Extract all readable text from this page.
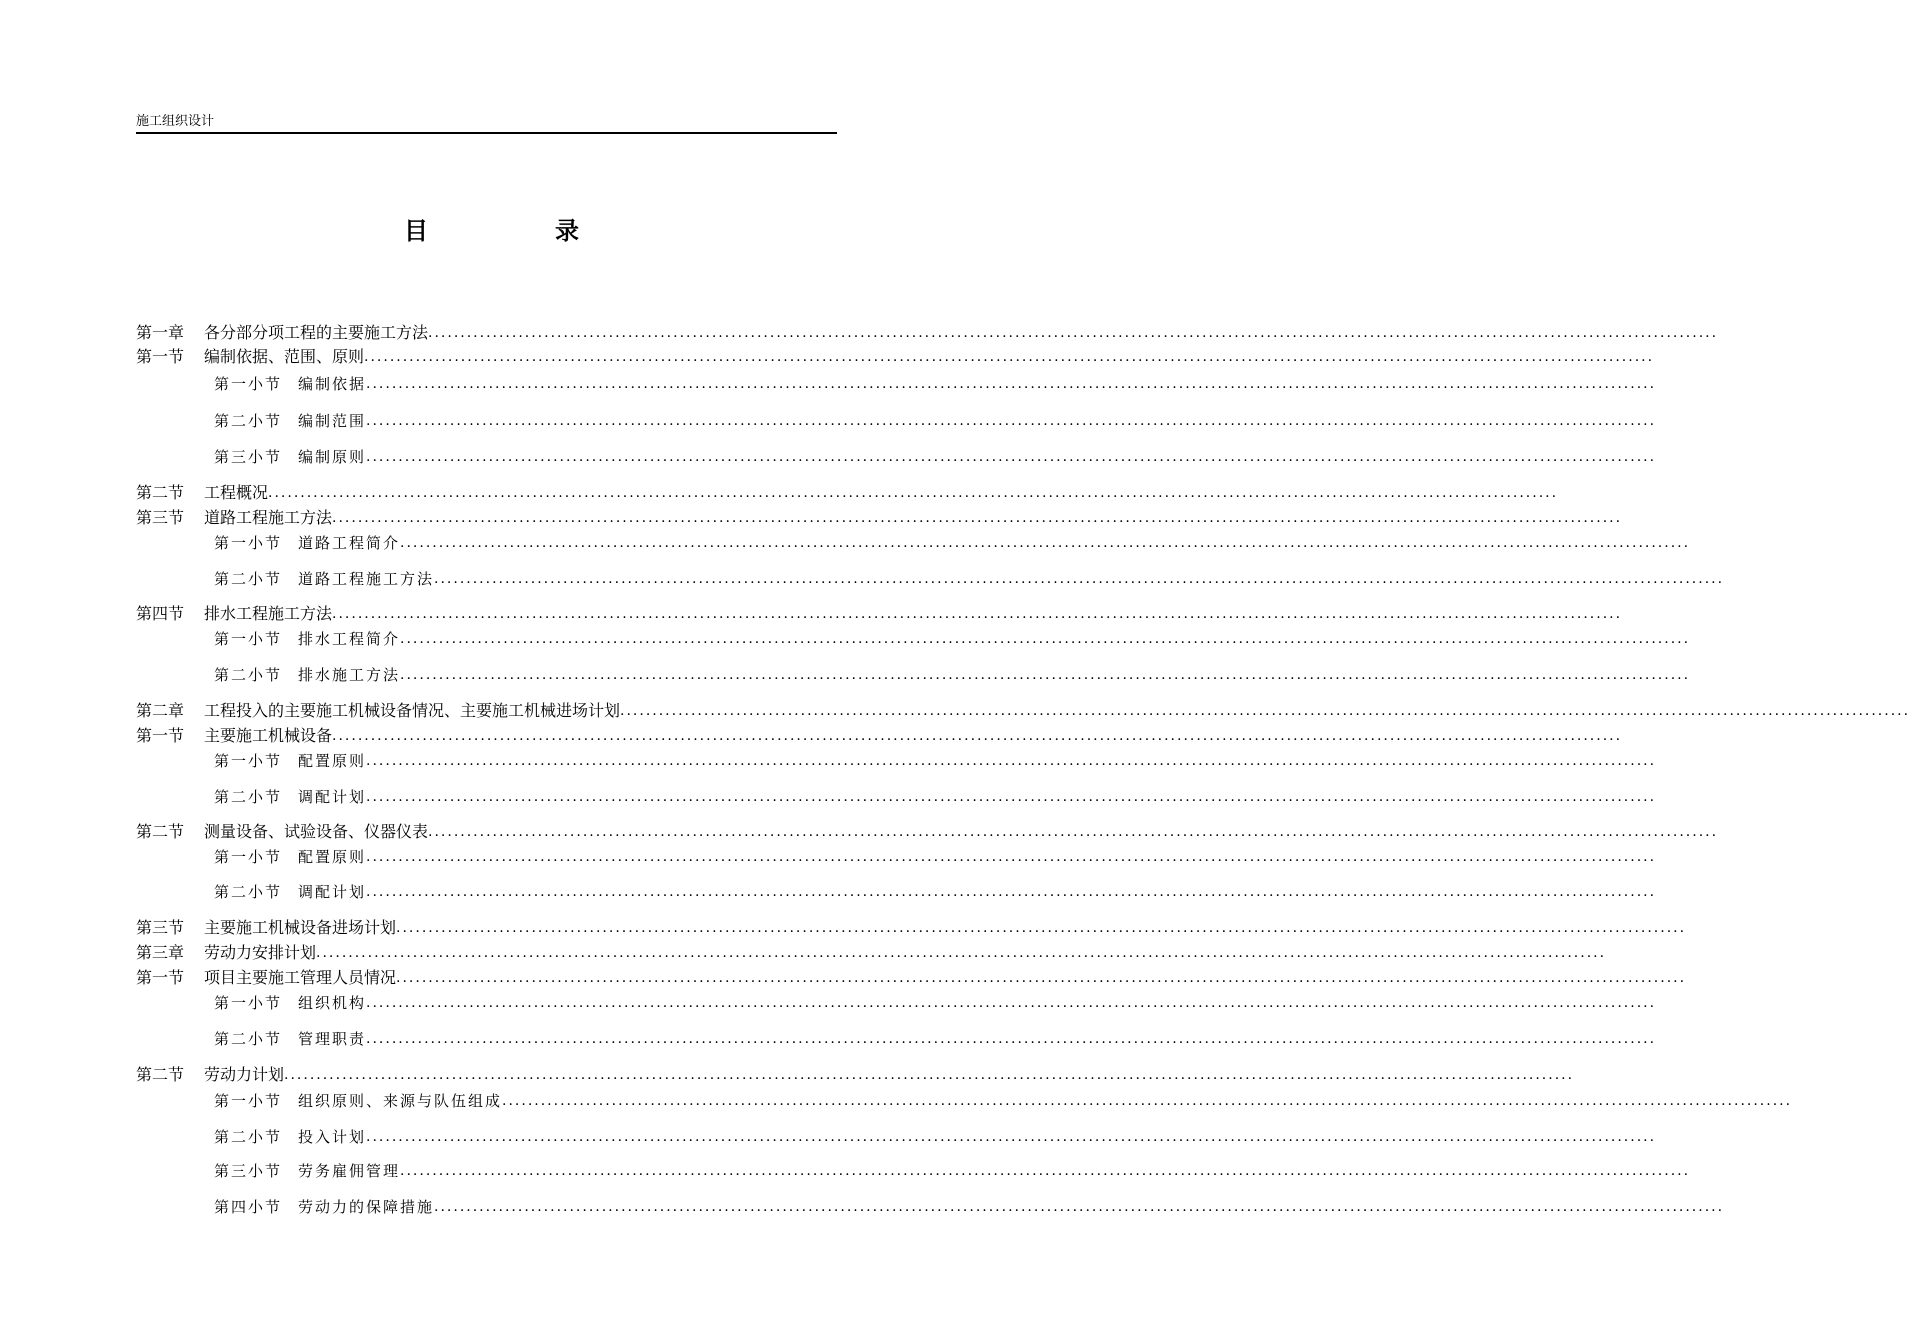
施工组织设计
目	录
第一章 各分部分项工程的主要施工方法 ........................................................................................................................................................................................................
第一节 编制依据、范围、原则 ........................................................................................................................................................................................................
第一小节 编制依据 ........................................................................................................................................................................................................
第二小节 编制范围 ........................................................................................................................................................................................................
第三小节 编制原则 ........................................................................................................................................................................................................
第二节 工程概况 ........................................................................................................................................................................................................
第三节 道路工程施工方法 ........................................................................................................................................................................................................
第一小节 道路工程简介 ........................................................................................................................................................................................................
第二小节 道路工程施工方法 ........................................................................................................................................................................................................
第四节 排水工程施工方法 ........................................................................................................................................................................................................
第一小节 排水工程简介 ........................................................................................................................................................................................................
第二小节 排水施工方法 ........................................................................................................................................................................................................
第二章 工程投入的主要施工机械设备情况、主要施工机械进场计划 ........................................................................................................................................................................................................
第一节 主要施工机械设备 ........................................................................................................................................................................................................
第一小节 配置原则 ........................................................................................................................................................................................................
第二小节 调配计划 ........................................................................................................................................................................................................
第二节 测量设备、试验设备、仪器仪表 ........................................................................................................................................................................................................
第一小节 配置原则 ........................................................................................................................................................................................................
第二小节 调配计划 ........................................................................................................................................................................................................
第三节 主要施工机械设备进场计划 ........................................................................................................................................................................................................
第三章 劳动力安排计划 ........................................................................................................................................................................................................
第一节 项目主要施工管理人员情况 ........................................................................................................................................................................................................
第一小节 组织机构 ........................................................................................................................................................................................................
第二小节 管理职责 ........................................................................................................................................................................................................
第二节 劳动力计划 ........................................................................................................................................................................................................
第一小节 组织原则、来源与队伍组成 ........................................................................................................................................................................................................
第二小节 投入计划 ........................................................................................................................................................................................................
第三小节 劳务雇佣管理 ........................................................................................................................................................................................................
第四小节 劳动力的保障措施 ........................................................................................................................................................................................................
